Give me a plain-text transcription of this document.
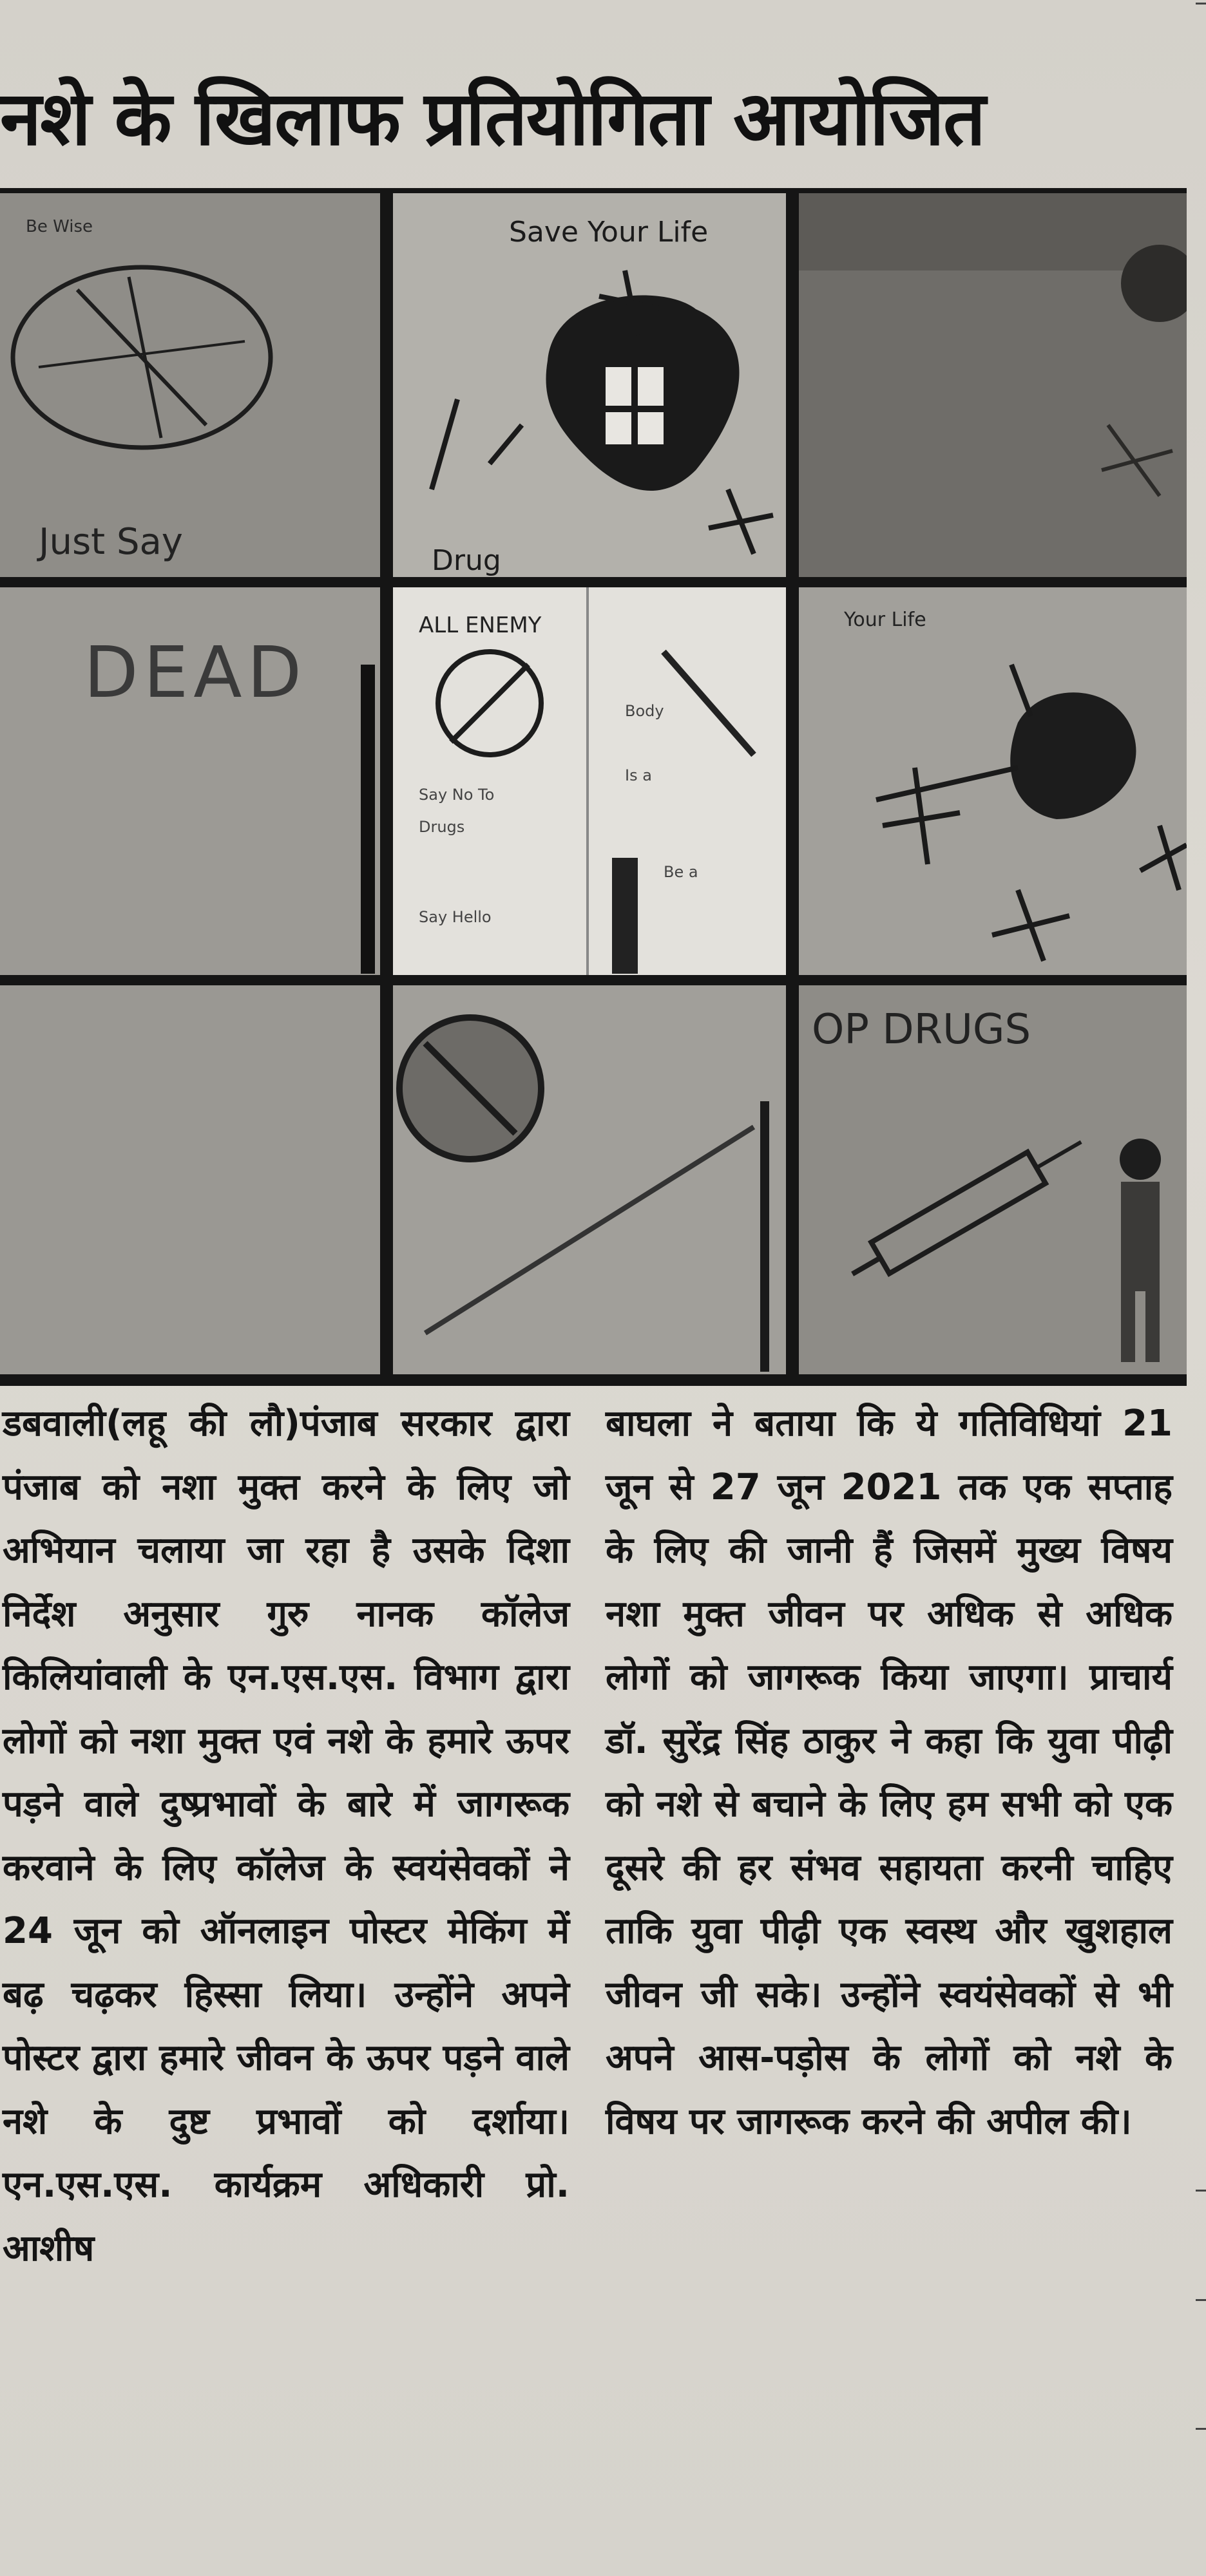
नशे के खिलाफ प्रतियोगिता आयोजित
Be Wise
Just Say
Save Your Life
Drug
DEAD
ALL ENEMY
Say No To
Drugs
Say Hello
Body
Is a
Be a
Your Life
OP DRUGS
डबवाली(लहू की लौ)पंजाब सरकार द्वारा पंजाब को नशा मुक्त करने के लिए जो अभियान चलाया जा रहा है उसके दिशा निर्देश अनुसार गुरु नानक कॉलेज किलियांवाली के एन.एस.एस. विभाग द्वारा लोगों को नशा मुक्त एवं नशे के हमारे ऊपर पड़ने वाले दुष्प्रभावों के बारे में जागरूक करवाने के लिए कॉलेज के स्वयंसेवकों ने 24 जून को ऑनलाइन पोस्टर मेकिंग में बढ़ चढ़कर हिस्सा लिया। उन्होंने अपने पोस्टर द्वारा हमारे जीवन के ऊपर पड़ने वाले नशे के दुष्ट प्रभावों को दर्शाया। एन.एस.एस. कार्यक्रम अधिकारी प्रो. आशीष
बाघला ने बताया कि ये गतिविधियां 21 जून से 27 जून 2021 तक एक सप्ताह के लिए की जानी हैं जिसमें मुख्य विषय नशा मुक्त जीवन पर अधिक से अधिक लोगों को जागरूक किया जाएगा। प्राचार्य डॉ. सुरेंद्र सिंह ठाकुर ने कहा कि युवा पीढ़ी को नशे से बचाने के लिए हम सभी को एक दूसरे की हर संभव सहायता करनी चाहिए ताकि युवा पीढ़ी एक स्वस्थ और खुशहाल जीवन जी सके। उन्होंने स्वयंसेवकों से भी अपने आस-पड़ोस के लोगों को नशे के विषय पर जागरूक करने की अपील की।
